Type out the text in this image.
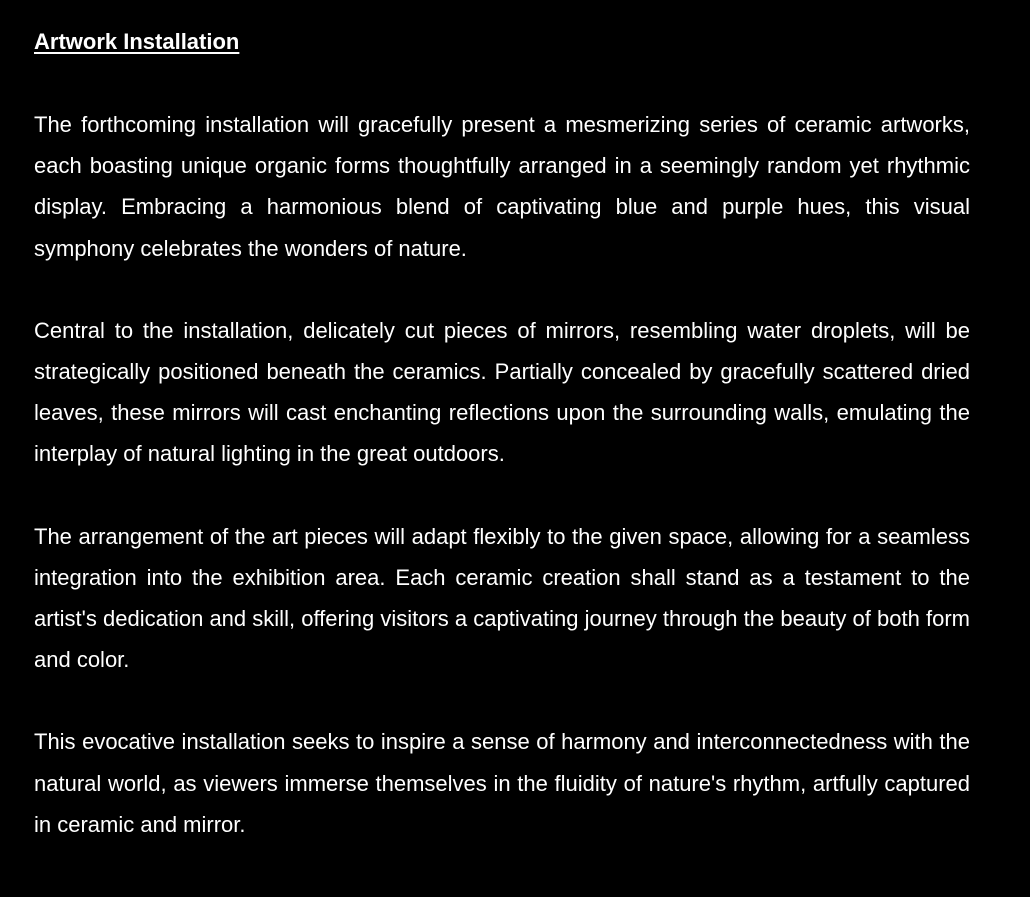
Artwork Installation

The forthcoming installation will gracefully present a mesmerizing series of ceramic artworks, each boasting unique organic forms thoughtfully arranged in a seemingly random yet rhythmic display. Embracing a harmonious blend of captivating blue and purple hues, this visual symphony celebrates the wonders of nature.

Central to the installation, delicately cut pieces of mirrors, resembling water droplets, will be strategically positioned beneath the ceramics. Partially concealed by gracefully scattered dried leaves, these mirrors will cast enchanting reflections upon the surrounding walls, emulating the interplay of natural lighting in the great outdoors.

The arrangement of the art pieces will adapt flexibly to the given space, allowing for a seamless integration into the exhibition area. Each ceramic creation shall stand as a testament to the artist's dedication and skill, offering visitors a captivating journey through the beauty of both form and color.

This evocative installation seeks to inspire a sense of harmony and interconnectedness with the natural world, as viewers immerse themselves in the fluidity of nature's rhythm, artfully captured in ceramic and mirror.
